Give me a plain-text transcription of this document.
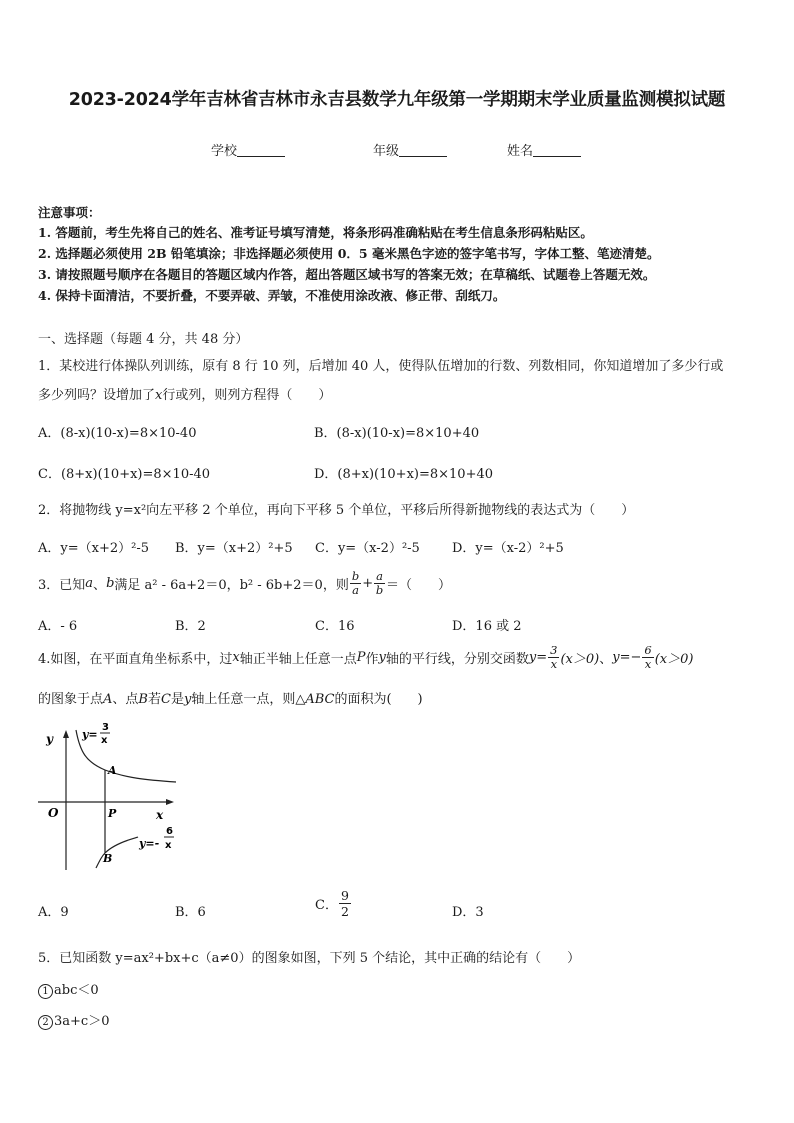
2023-2024学年吉林省吉林市永吉县数学九年级第一学期期末学业质量监测模拟试题
学校	年级	姓名
注意事项：
1. 答题前，考生先将自己的姓名、准考证号填写清楚，将条形码准确粘贴在考生信息条形码粘贴区。
2. 选择题必须使用 2B 铅笔填涂；非选择题必须使用 0．5 毫米黑色字迹的签字笔书写，字体工整、笔迹清楚。
3. 请按照题号顺序在各题目的答题区域内作答，超出答题区域书写的答案无效；在草稿纸、试题卷上答题无效。
4. 保持卡面清洁，不要折叠，不要弄破、弄皱，不准使用涂改液、修正带、刮纸刀。
一、选择题（每题 4 分，共 48 分）
1．某校进行体操队列训练，原有 8 行 10 列，后增加 40 人，使得队伍增加的行数、列数相同，你知道增加了多少行或
多少列吗？设增加了x行或列，则列方程得（　　）
A．(8-x)(10-x)=8×10-40	B．(8-x)(10-x)=8×10+40
C．(8+x)(10+x)=8×10-40	D．(8+x)(10+x)=8×10+40
2．将抛物线 y=x²向左平移 2 个单位，再向下平移 5 个单位，平移后所得新抛物线的表达式为（　　）
A．y=（x+2）²-5 B．y=（x+2）²+5 C．y=（x-2）²-5 D．y=（x-2）²+5
3．已知 a 、 b 满足 a² - 6a+2＝0，b² - 6b+2＝0，则 $\frac{b}{a} + \frac{a}{b}$ ＝（　　）
A．- 6	B．2	C．16	D．16 或 2
4.如图，在平面直角坐标系中，过 x 轴正半轴上任意一点 P 作 y 轴的平行线，分别交函数 $y= \frac{3}{x} (x>0)$ 、 $y=- \frac{6}{x} (x>0)$
的图象于点A、点B若C是y轴上任意一点，则△ABC的面积为(　　)
y
x
O
A
P
B
y=
3
x
y=-
6
x
A．9	B．6	C． $\frac{9}{2}$	D．3
5．已知函数 y=ax²+bx+c（a≠0）的图象如图，下列 5 个结论，其中正确的结论有（　　）
1 abc＜0
2 3a+c＞0
